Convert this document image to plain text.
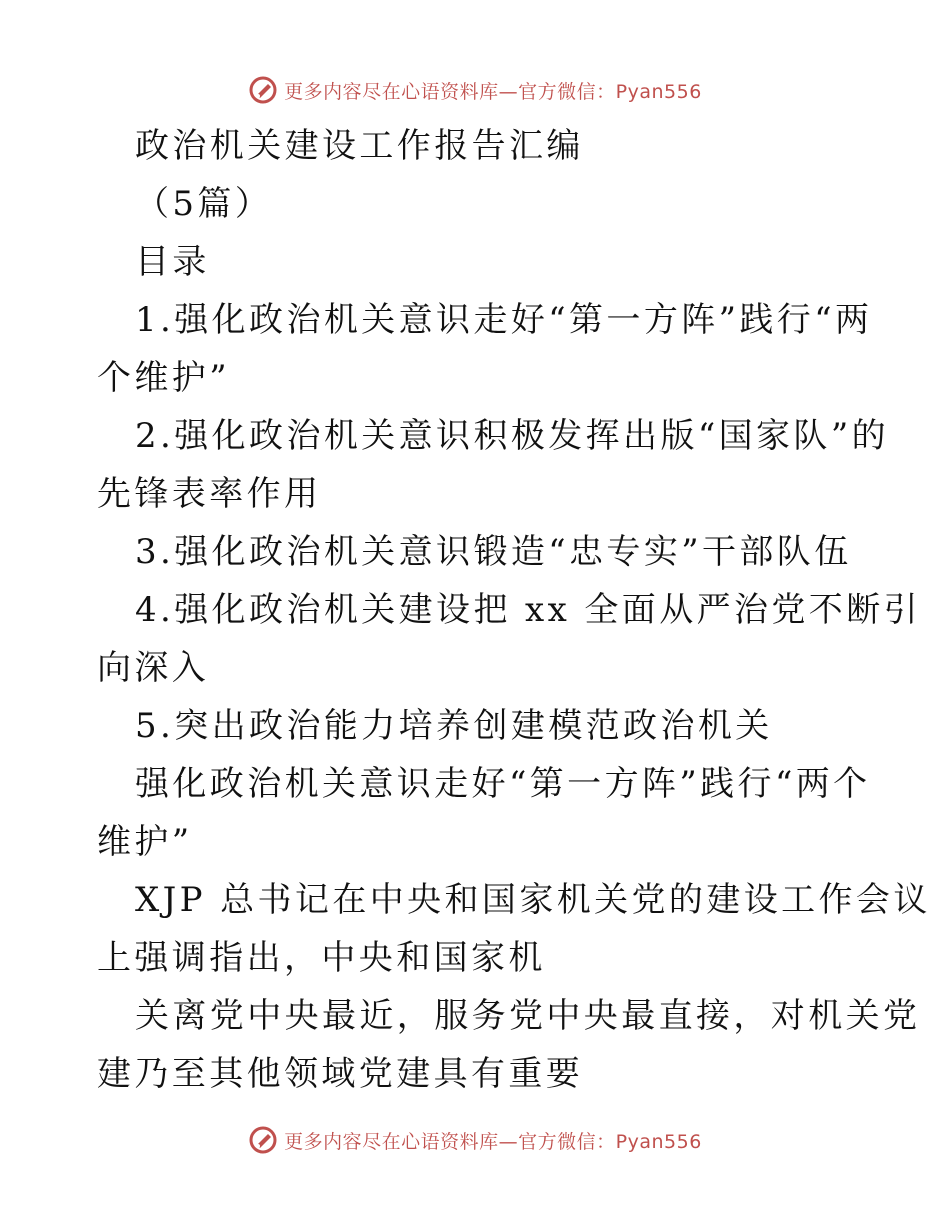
更多内容尽在心语资料库—官方微信：Pyan556
政治机关建设工作报告汇编
（5篇）
目录
1.强化政治机关意识走好“第一方阵”践行“两
个维护”
2.强化政治机关意识积极发挥出版“国家队”的
先锋表率作用
3.强化政治机关意识锻造“忠专实”干部队伍
4.强化政治机关建设把 xx 全面从严治党不断引
向深入
5.突出政治能力培养创建模范政治机关
强化政治机关意识走好“第一方阵”践行“两个
维护”
XJP 总书记在中央和国家机关党的建设工作会议
上强调指出，中央和国家机
关离党中央最近，服务党中央最直接，对机关党
建乃至其他领域党建具有重要
更多内容尽在心语资料库—官方微信：Pyan556
